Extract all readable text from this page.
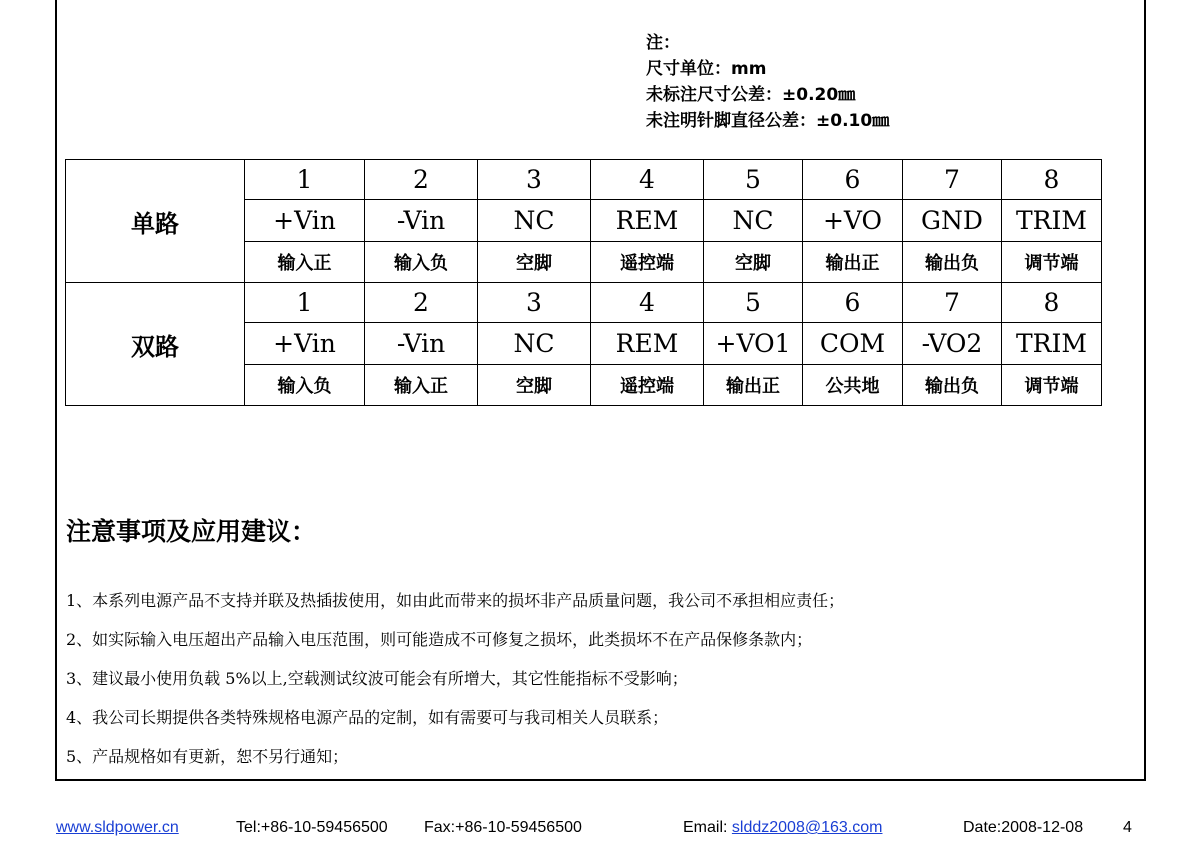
注：
尺寸单位：mm
未标注尺寸公差：±0.20㎜
未注明针脚直径公差：±0.10㎜
单路	1	2	3	4	5	6	7	8
	+Vin	-Vin	NC	REM	NC	+VO	GND	TRIM
	输入正	输入负	空脚	遥控端	空脚	输出正	输出负	调节端
双路	1	2	3	4	5	6	7	8
	+Vin	-Vin	NC	REM	+VO1	COM	-VO2	TRIM
	输入负	输入正	空脚	遥控端	输出正	公共地	输出负	调节端
注意事项及应用建议：
1、本系列电源产品不支持并联及热插拔使用，如由此而带来的损坏非产品质量问题，我公司不承担相应责任；
2、如实际输入电压超出产品输入电压范围，则可能造成不可修复之损坏，此类损坏不在产品保修条款内；
3、建议最小使用负载 5%以上,空载测试纹波可能会有所增大，其它性能指标不受影响；
4、我公司长期提供各类特殊规格电源产品的定制，如有需要可与我司相关人员联系；
5、产品规格如有更新，恕不另行通知；
www.sldpower.cn	Tel:+86-10-59456500 Fax:+86-10-59456500	Email: slddz2008@163.com	Date:2008-12-08 4
